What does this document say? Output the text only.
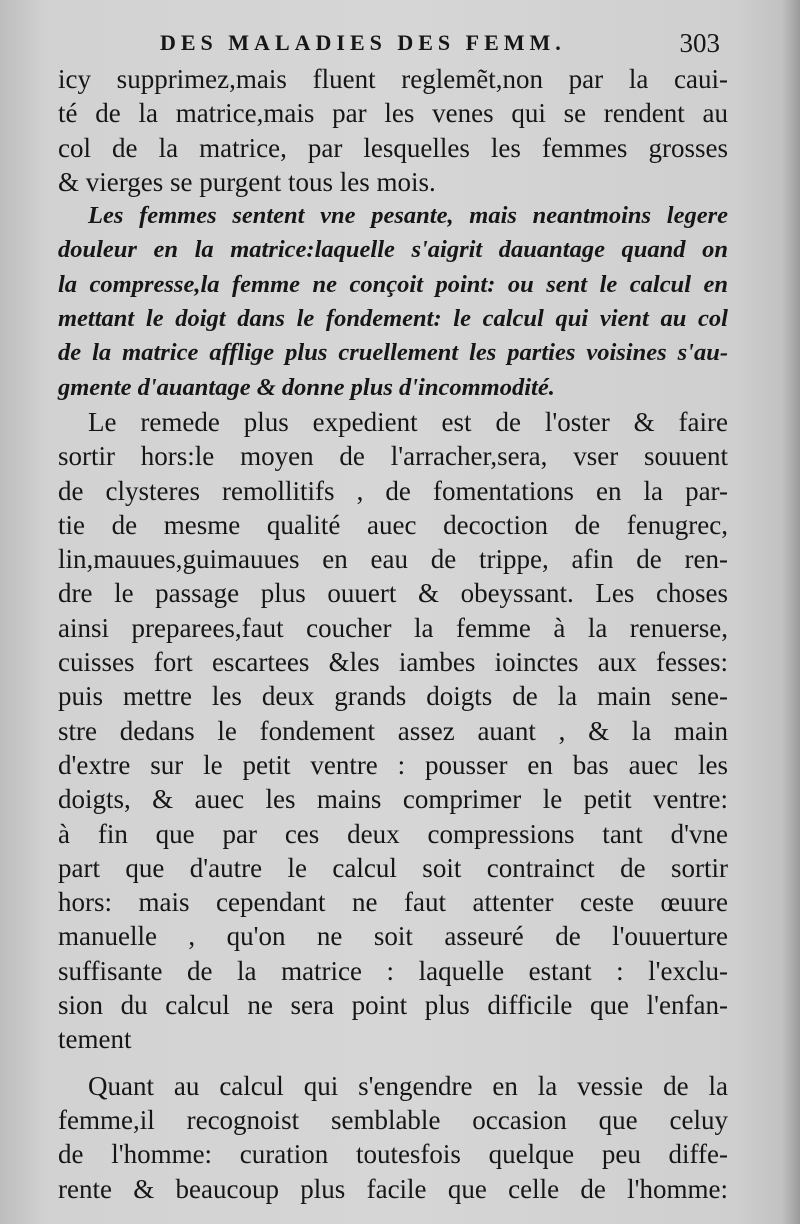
DES MALADIES DES FEMM.	303
icy supprimez,mais fluent reglemẽt,non par la caui-
té de la matrice,mais par les venes qui se rendent au
col de la matrice, par lesquelles les femmes grosses
& vierges se purgent tous les mois.
Les femmes sentent vne pesante, mais neantmoins legere
douleur en la matrice:laquelle s'aigrit dauantage quand on
la compresse,la femme ne conçoit point: ou sent le calcul en
mettant le doigt dans le fondement: le calcul qui vient au col
de la matrice afflige plus cruellement les parties voisines s'au-
gmente d'auantage & donne plus d'incommodité.
Le remede plus expedient est de l'oster & faire
sortir hors:le moyen de l'arracher,sera, vser souuent
de clysteres remollitifs , de fomentations en la par-
tie de mesme qualité auec decoction de fenugrec,
lin,mauues,guimauues en eau de trippe, afin de ren-
dre le passage plus ouuert & obeyssant. Les choses
ainsi preparees,faut coucher la femme à la renuerse,
cuisses fort escartees &les iambes ioinctes aux fesses:
puis mettre les deux grands doigts de la main sene-
stre dedans le fondement assez auant , & la main
d'extre sur le petit ventre : pousser en bas auec les
doigts, & auec les mains comprimer le petit ventre:
à fin que par ces deux compressions tant d'vne
part que d'autre le calcul soit contrainct de sortir
hors: mais cependant ne faut attenter ceste œuure
manuelle , qu'on ne soit asseuré de l'ouuerture
suffisante de la matrice : laquelle estant : l'exclu-
sion du calcul ne sera point plus difficile que l'enfan-
tement
Quant au calcul qui s'engendre en la vessie de la
femme,il recognoist semblable occasion que celuy
de l'homme: curation toutesfois quelque peu diffe-
rente & beaucoup plus facile que celle de l'homme:
